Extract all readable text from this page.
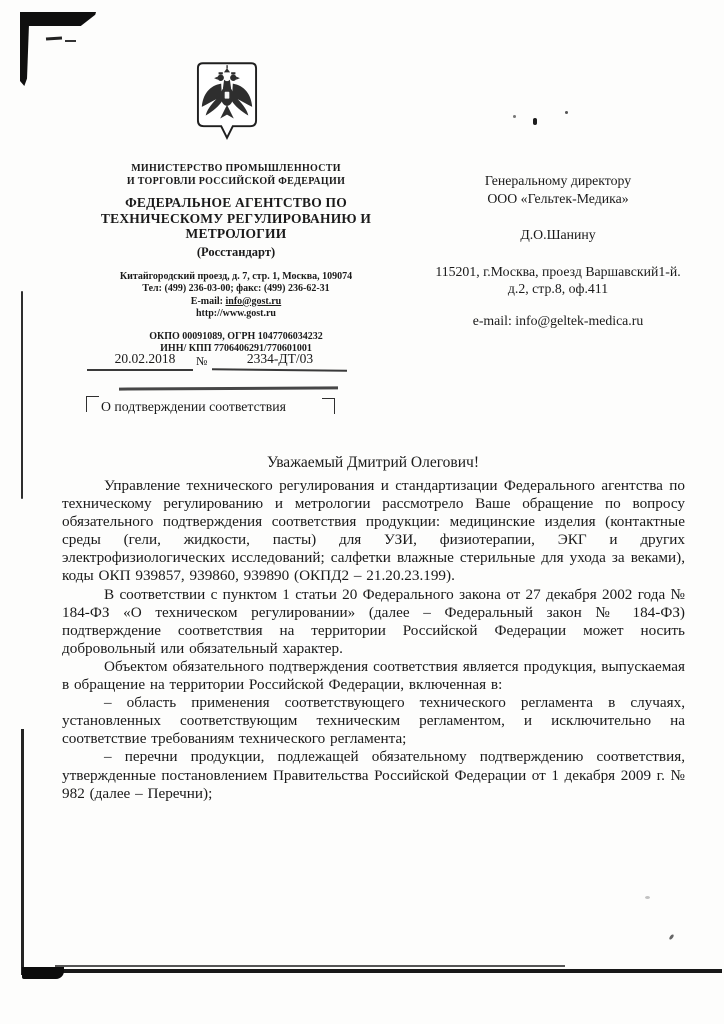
МИНИСТЕРСТВО ПРОМЫШЛЕННОСТИ
И ТОРГОВЛИ РОССИЙСКОЙ ФЕДЕРАЦИИ
ФЕДЕРАЛЬНОЕ АГЕНТСТВО ПО
ТЕХНИЧЕСКОМУ РЕГУЛИРОВАНИЮ И
МЕТРОЛОГИИ
(Росстандарт)
Китайгородский проезд, д. 7, стр. 1, Москва, 109074
Тел: (499) 236-03-00; факс: (499) 236-62-31
E-mail: info@gost.ru
http://www.gost.ru
ОКПО 00091089, ОГРН 1047706034232
ИНН/ КПП 7706406291/770601001
Генеральному директору
ООО «Гельтек-Медика»
Д.О.Шанину
115201, г.Москва, проезд Варшавский1-й.
д.2, стр.8, оф.411
e-mail: info@geltek-medica.ru
20.02.2018	№	2334-ДТ/03
О подтверждении соответствия
Уважаемый Дмитрий Олегович!

Управление технического регулирования и стандартизации Федерального агентства по техническому регулированию и метрологии рассмотрело Ваше обращение по вопросу обязательного подтверждения соответствия продукции: медицинские изделия (контактные среды (гели, жидкости, пасты) для УЗИ, физиотерапии, ЭКГ и других электрофизиологических исследований; салфетки влажные стерильные для ухода за веками), коды ОКП 939857, 939860, 939890 (ОКПД2 – 21.20.23.199).

В соответствии с пунктом 1 статьи 20 Федерального закона от 27 декабря 2002 года № 184-ФЗ «О техническом регулировании» (далее – Федеральный закон № 184-ФЗ) подтверждение соответствия на территории Российской Федерации может носить добровольный или обязательный характер.

Объектом обязательного подтверждения соответствия является продукция, выпускаемая в обращение на территории Российской Федерации, включенная в:

– область применения соответствующего технического регламента в случаях, установленных соответствующим техническим регламентом, и исключительно на соответствие требованиям технического регламента;

– перечни продукции, подлежащей обязательному подтверждению соответствия, утвержденные постановлением Правительства Российской Федерации от 1 декабря 2009 г. № 982 (далее – Перечни);
